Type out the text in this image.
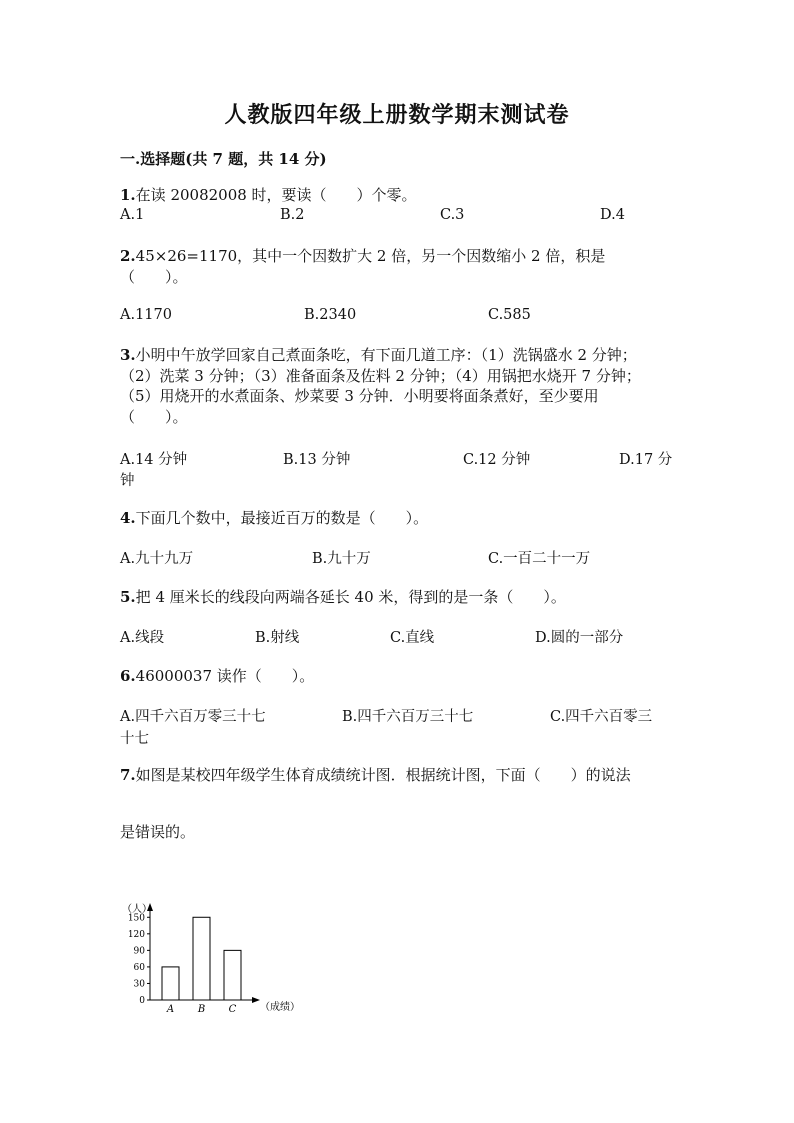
人教版四年级上册数学期末测试卷
一.选择题(共 7 题，共 14 分)
1.在读 20082008 时，要读（　　）个零。
A.1	B.2	C.3	D.4
2.45×26=1170，其中一个因数扩大 2 倍，另一个因数缩小 2 倍，积是
（　　）。
A.1170	B.2340	C.585
3.小明中午放学回家自己煮面条吃，有下面几道工序：（1）洗锅盛水 2 分钟；
（2）洗菜 3 分钟；（3）准备面条及佐料 2 分钟；（4）用锅把水烧开 7 分钟；
（5）用烧开的水煮面条、炒菜要 3 分钟．小明要将面条煮好，至少要用
（　　）。
A.14 分钟	B.13 分钟	C.12 分钟	D.17 分
钟
4.下面几个数中，最接近百万的数是（　　）。
A.九十九万	B.九十万	C.一百二十一万
5.把 4 厘米长的线段向两端各延长 40 米，得到的是一条（　　）。
A.线段	B.射线	C.直线	D.圆的一部分
6.46000037 读作（　　）。
A.四千六百万零三十七	B.四千六百万三十七	C.四千六百零三
十七
7.如图是某校四年级学生体育成绩统计图．根据统计图，下面（　　）的说法
是错误的。
（人）
（成绩）
0
30
60
90
120
150
A B C
